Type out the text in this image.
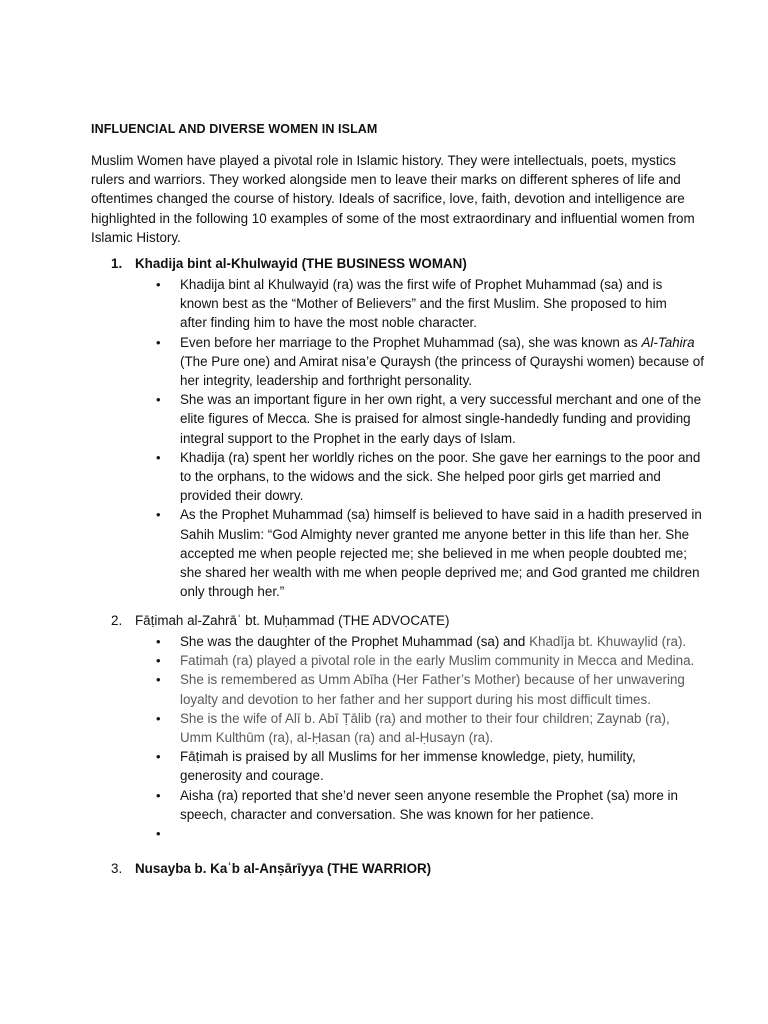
INFLUENCIAL AND DIVERSE WOMEN IN ISLAM

Muslim Women have played a pivotal role in Islamic history. They were intellectuals, poets, mystics
rulers and warriors. They worked alongside men to leave their marks on different spheres of life and
oftentimes changed the course of history. Ideals of sacrifice, love, faith, devotion and intelligence are
highlighted in the following 10 examples of some of the most extraordinary and influential women from
Islamic History.

1. Khadija bint al-Khulwayid (THE BUSINESS WOMAN)
• Khadija bint al Khulwayid (ra) was the first wife of Prophet Muhammad (sa) and is
known best as the “Mother of Believers” and the first Muslim. She proposed to him
after finding him to have the most noble character.
• Even before her marriage to the Prophet Muhammad (sa), she was known as Al-Tahira
(The Pure one) and Amirat nisa’e Quraysh (the princess of Qurayshi women) because of
her integrity, leadership and forthright personality.
• She was an important figure in her own right, a very successful merchant and one of the
elite figures of Mecca. She is praised for almost single-handedly funding and providing
integral support to the Prophet in the early days of Islam.
• Khadija (ra) spent her worldly riches on the poor. She gave her earnings to the poor and
to the orphans, to the widows and the sick. She helped poor girls get married and
provided their dowry.
• As the Prophet Muhammad (sa) himself is believed to have said in a hadith preserved in
Sahih Muslim: “God Almighty never granted me anyone better in this life than her. She
accepted me when people rejected me; she believed in me when people doubted me;
she shared her wealth with me when people deprived me; and God granted me children
only through her.”
2. Fāṭimah al-Zahrāʾ bt. Muḥammad (THE ADVOCATE)
• She was the daughter of the Prophet Muhammad (sa) and Khadīja bt. Khuwaylid (ra).
• Fatimah (ra) played a pivotal role in the early Muslim community in Mecca and Medina.
• She is remembered as Umm Abīha (Her Father’s Mother) because of her unwavering
loyalty and devotion to her father and her support during his most difficult times.
• She is the wife of Alī b. Abī Ṭālib (ra) and mother to their four children; Zaynab (ra),
Umm Kulthūm (ra), al-Ḥasan (ra) and al-Ḥusayn (ra).
• Fāṭimah is praised by all Muslims for her immense knowledge, piety, humility,
generosity and courage.
• Aisha (ra) reported that she’d never seen anyone resemble the Prophet (sa) more in
speech, character and conversation. She was known for her patience.
•

3. Nusayba b. Kaʿb al-Anṣārīyya (THE WARRIOR)
